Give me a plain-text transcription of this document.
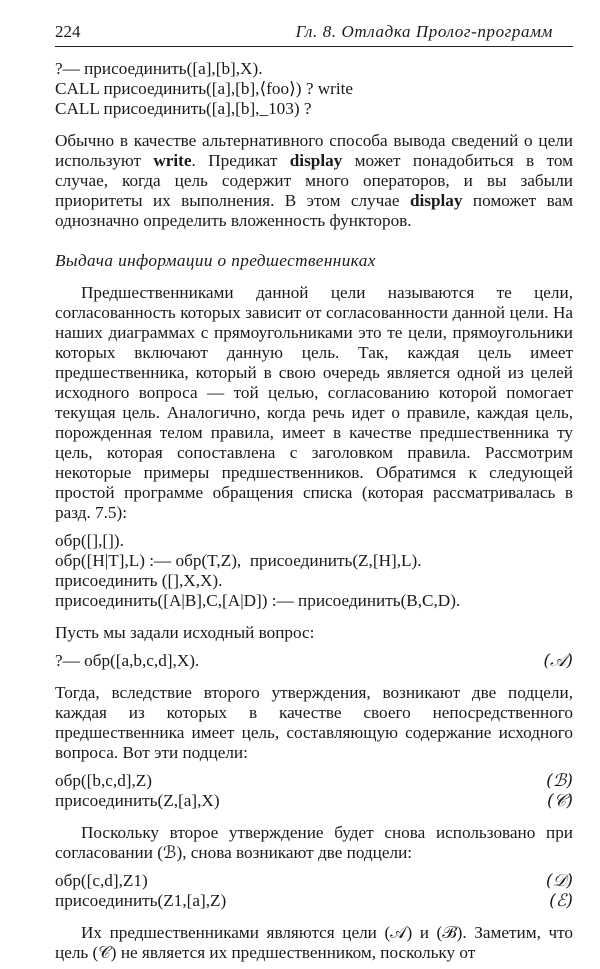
224	Гл. 8. Отладка Пролог-программ
?— присоединить([a],[b],X).
CALL присоединить([a],[b],⟨foo⟩) ? write
CALL присоединить([a],[b],_103) ?

Обычно в качестве альтернативного способа вывода сведений о цели используют write. Предикат display может понадобиться в том случае, когда цель содержит много операторов, и вы забыли приоритеты их выполнения. В этом случае display поможет вам однозначно определить вложенность функторов.

Выдача информации о предшественниках

Предшественниками данной цели называются те цели, согласованность которых зависит от согласованности данной цели. На наших диаграммах с прямоугольниками это те цели, прямоугольники которых включают данную цель. Так, каждая цель имеет предшественника, который в свою очередь является одной из целей исходного вопроса — той целью, согласованию которой помогает текущая цель. Аналогично, когда речь идет о правиле, каждая цель, порожденная телом правила, имеет в качестве предшественника ту цель, которая сопоставлена с заголовком правила. Рассмотрим некоторые примеры предшественников. Обратимся к следующей простой программе обращения списка (которая рассматривалась в разд. 7.5):

обр([],[]).
обр([H|T],L) :— обр(T,Z),  присоединить(Z,[H],L).
присоединить ([],X,X).
присоединить([A|B],C,[A|D]) :— присоединить(B,C,D).

Пусть мы задали исходный вопрос:

?— обр([a,b,c,d],X).	(𝒜)

Тогда, вследствие второго утверждения, возникают две подцели, каждая из которых в качестве своего непосредственного предшественника имеет цель, составляющую содержание исходного вопроса. Вот эти подцели:

обр([b,c,d],Z)	(ℬ)
присоединить(Z,[a],X)	(𝒞)

Поскольку второе утверждение будет снова использовано при согласовании (ℬ), снова возникают две подцели:

обр([c,d],Z1)	(𝒟)
присоединить(Z1,[a],Z)	(ℰ)

Их предшественниками являются цели (𝒜) и (ℬ). Заметим, что цель (𝒞) не является их предшественником, поскольку от
